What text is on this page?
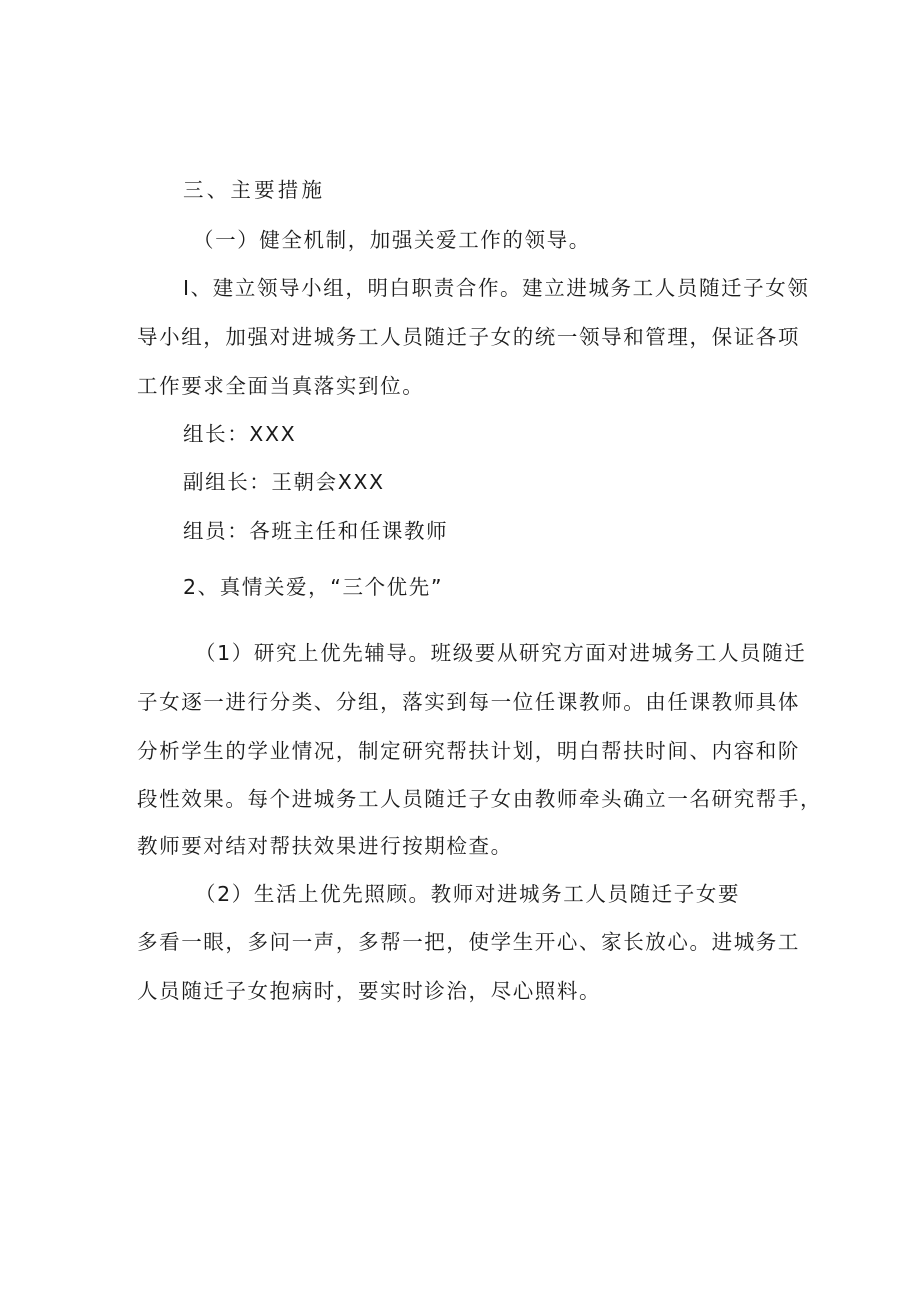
三、主要措施
（一）健全机制，加强关爱工作的领导。
I、建立领导小组，明白职责合作。建立进城务工人员随迁子女领
导小组，加强对进城务工人员随迁子女的统一领导和管理，保证各项
工作要求全面当真落实到位。
组长：XXX
副组长：王朝会XXX
组员：各班主任和任课教师
2、真情关爱，“三个优先”
（1）研究上优先辅导。班级要从研究方面对进城务工人员随迁
子女逐一进行分类、分组，落实到每一位任课教师。由任课教师具体
分析学生的学业情况，制定研究帮扶计划，明白帮扶时间、内容和阶
段性效果。每个进城务工人员随迁子女由教师牵头确立一名研究帮手，
教师要对结对帮扶效果进行按期检查。
（2）生活上优先照顾。教师对进城务工人员随迁子女要
多看一眼，多问一声，多帮一把，使学生开心、家长放心。进城务工
人员随迁子女抱病时，要实时诊治，尽心照料。
